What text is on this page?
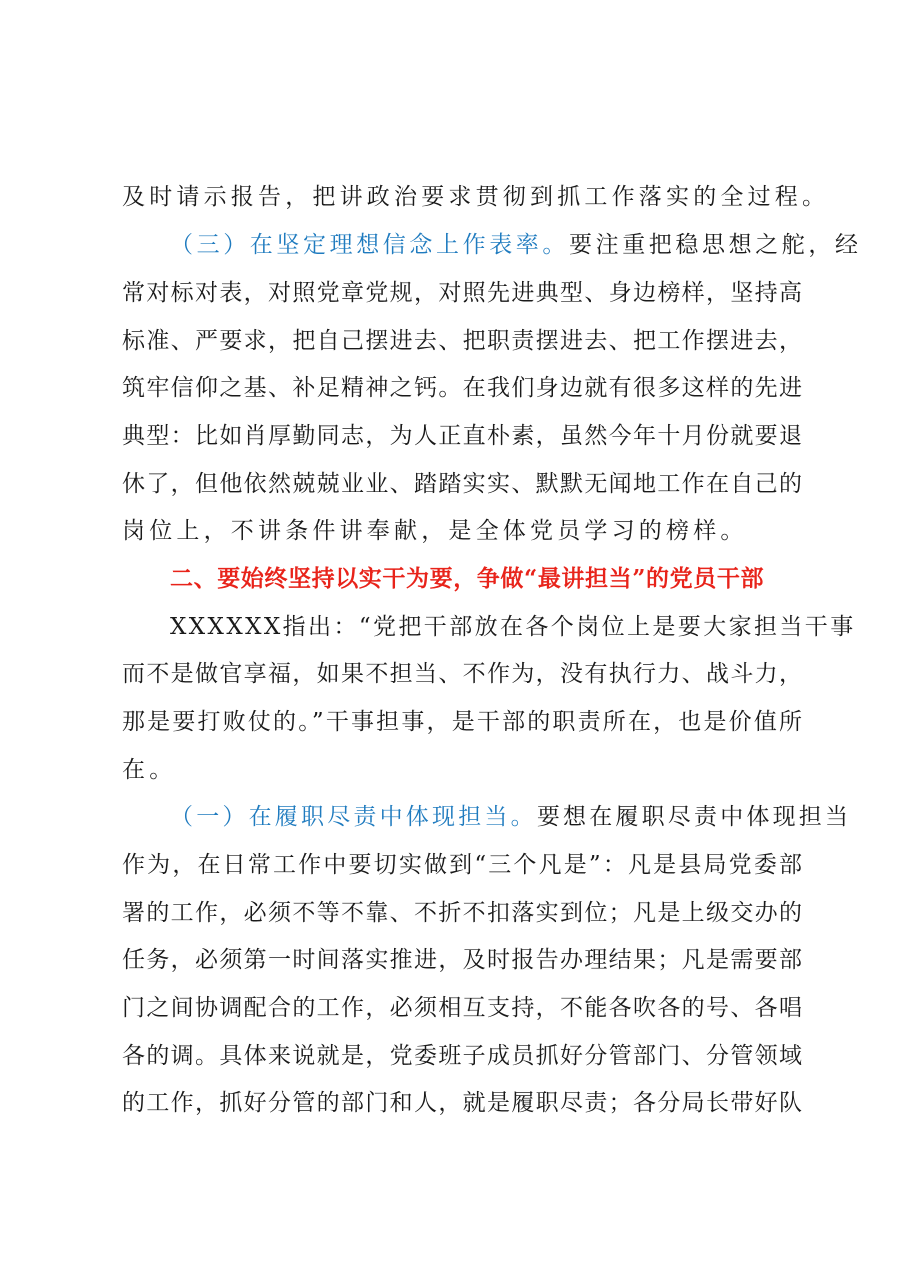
及时请示报告，把讲政治要求贯彻到抓工作落实的全过程。
（三）在坚定理想信念上作表率。要注重把稳思想之舵，经
常对标对表，对照党章党规，对照先进典型、身边榜样，坚持高
标准、严要求，把自己摆进去、把职责摆进去、把工作摆进去，
筑牢信仰之基、补足精神之钙。在我们身边就有很多这样的先进
典型：比如肖厚勤同志，为人正直朴素，虽然今年十月份就要退
休了，但他依然兢兢业业、踏踏实实、默默无闻地工作在自己的
岗位上，不讲条件讲奉献，是全体党员学习的榜样。
二、要始终坚持以实干为要，争做“最讲担当”的党员干部
XXXXXX指出：“党把干部放在各个岗位上是要大家担当干事
而不是做官享福，如果不担当、不作为，没有执行力、战斗力，
那是要打败仗的。”干事担事，是干部的职责所在，也是价值所
在。
（一）在履职尽责中体现担当。要想在履职尽责中体现担当
作为，在日常工作中要切实做到“三个凡是”：凡是县局党委部
署的工作，必须不等不靠、不折不扣落实到位；凡是上级交办的
任务，必须第一时间落实推进，及时报告办理结果；凡是需要部
门之间协调配合的工作，必须相互支持，不能各吹各的号、各唱
各的调。具体来说就是，党委班子成员抓好分管部门、分管领域
的工作，抓好分管的部门和人，就是履职尽责；各分局长带好队
